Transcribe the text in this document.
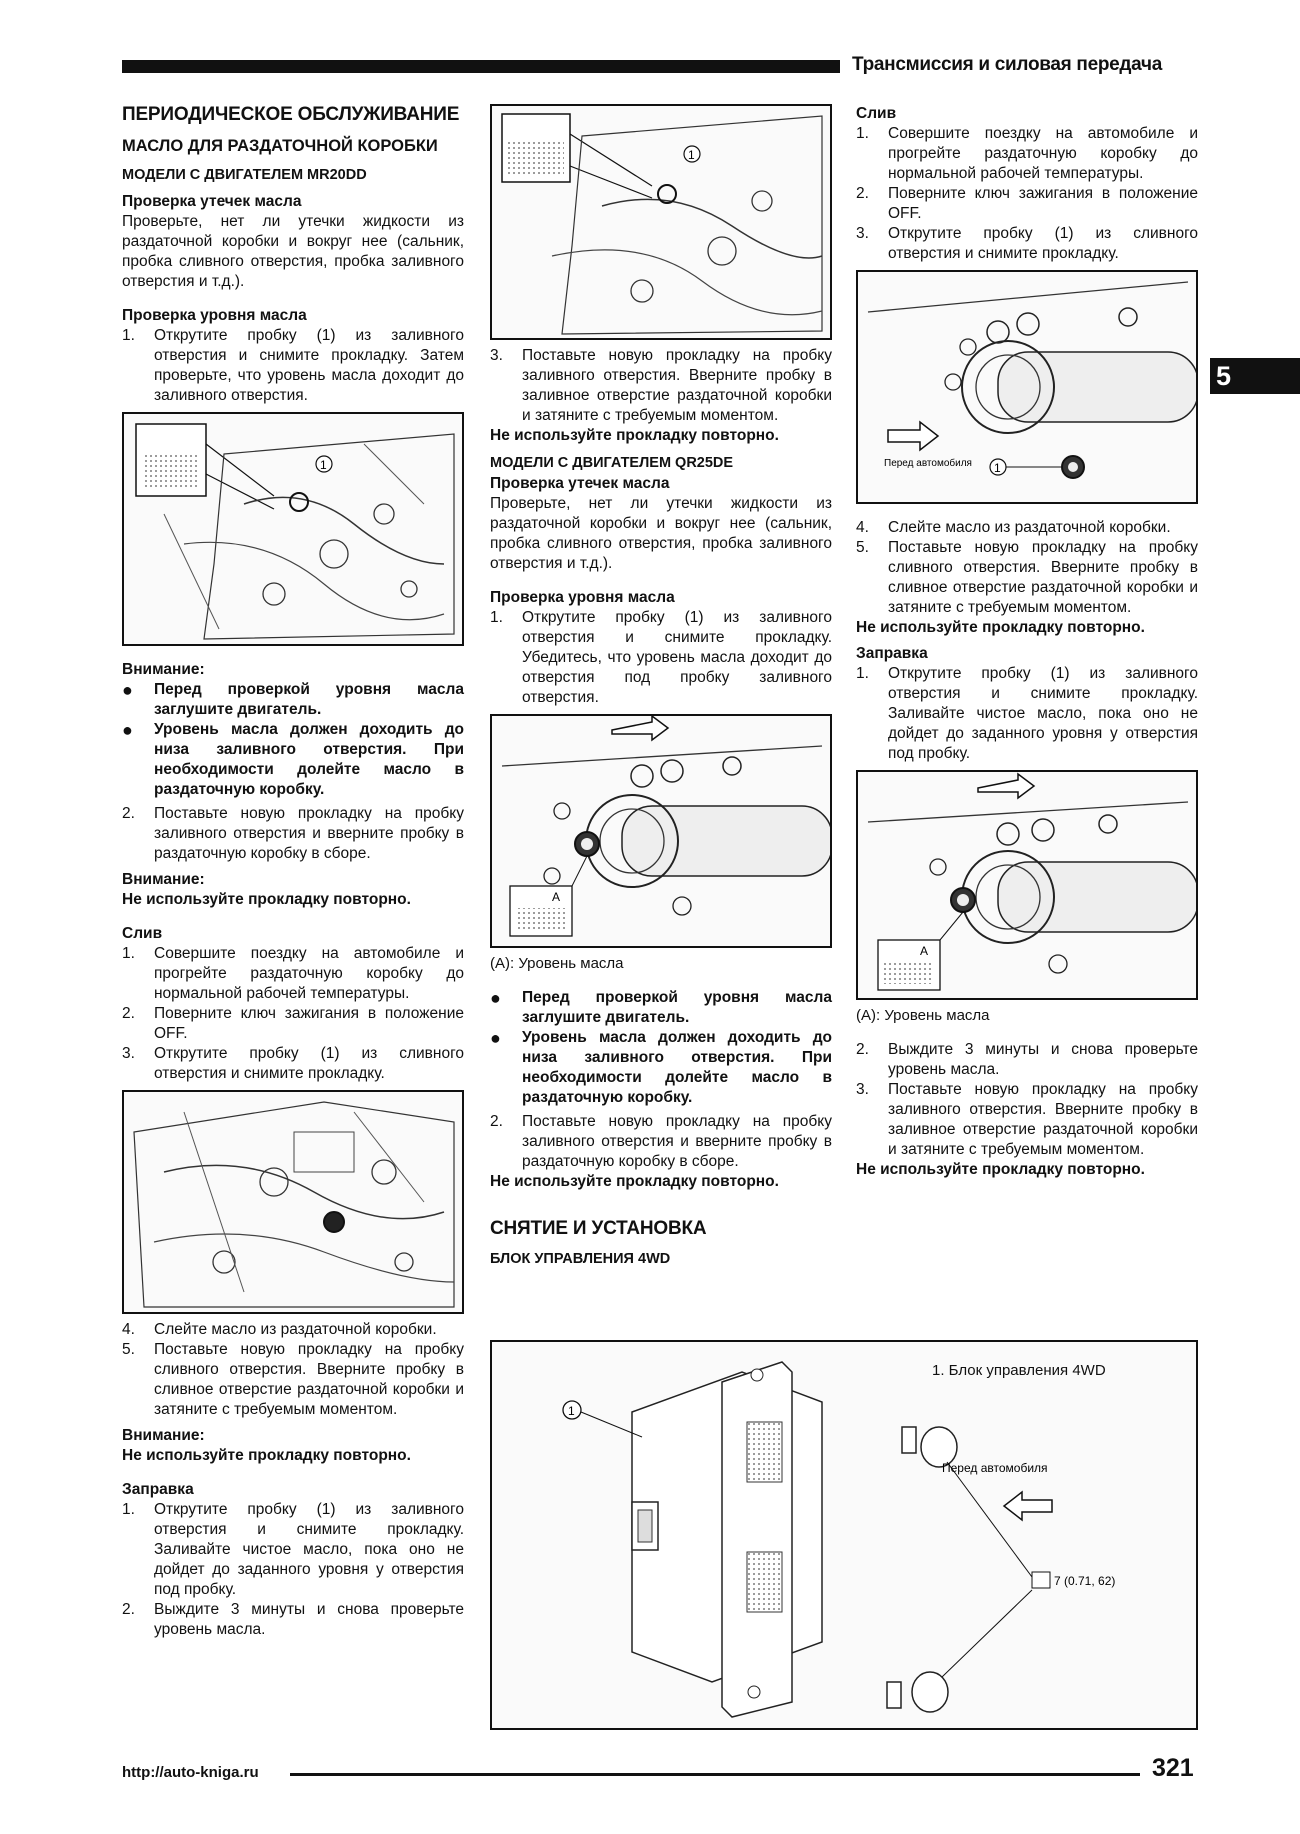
Трансмиссия и силовая передача
5

ПЕРИОДИЧЕСКОЕ ОБСЛУЖИВАНИЕ

МАСЛО ДЛЯ РАЗДАТОЧНОЙ КОРОБКИ

МОДЕЛИ С ДВИГАТЕЛЕМ MR20DD

Проверка утечек масла

Проверьте, нет ли утечки жидкости из раздаточной коробки и вокруг нее (сальник, пробка сливного отверстия, пробка заливного отверстия и т.д.).

Проверка уровня масла

1.	Открутите пробку (1) из заливного отверстия и снимите прокладку. Затем проверьте, что уровень масла доходит до заливного отверстия.
1

Внимание:

●	Перед проверкой уровня масла заглушите двигатель.
●	Уровень масла должен доходить до низа заливного отверстия. При необходимости долейте масло в раздаточную коробку.
2.	Поставьте новую прокладку на пробку заливного отверстия и вверните пробку в раздаточную коробку в сборе.

Внимание:

Не используйте прокладку повторно.

Слив

1.	Совершите поездку на автомобиле и прогрейте раздаточную коробку до нормальной рабочей температуры.
2.	Поверните ключ зажигания в положение OFF.
3.	Открутите пробку (1) из сливного отверстия и снимите прокладку.
4.	Слейте масло из раздаточной коробки.
5.	Поставьте новую прокладку на пробку сливного отверстия. Вверните пробку в сливное отверстие раздаточной коробки и затяните с требуемым моментом.

Внимание:

Не используйте прокладку повторно.

Заправка

1.	Открутите пробку (1) из заливного отверстия и снимите прокладку. Заливайте чистое масло, пока оно не дойдет до заданного уровня у отверстия под пробку.
2.	Выждите 3 минуты и снова проверьте уровень масла.
1
3.	Поставьте новую прокладку на пробку заливного отверстия. Вверните пробку в заливное отверстие раздаточной коробки и затяните с требуемым моментом.

Не используйте прокладку повторно.

МОДЕЛИ С ДВИГАТЕЛЕМ QR25DE

Проверка утечек масла

Проверьте, нет ли утечки жидкости из раздаточной коробки и вокруг нее (сальник, пробка сливного отверстия, пробка заливного отверстия и т.д.).

Проверка уровня масла

1.	Открутите пробку (1) из заливного отверстия и снимите прокладку. Убедитесь, что уровень масла доходит до отверстия под пробку заливного отверстия.
A

(A): Уровень масла

●	Перед проверкой уровня масла заглушите двигатель.
●	Уровень масла должен доходить до низа заливного отверстия. При необходимости долейте масло в раздаточную коробку.
2.	Поставьте новую прокладку на пробку заливного отверстия и вверните пробку в раздаточную коробку в сборе.

Не используйте прокладку повторно.

СНЯТИЕ И УСТАНОВКА

БЛОК УПРАВЛЕНИЯ 4WD

Слив

1.	Совершите поездку на автомобиле и прогрейте раздаточную коробку до нормальной рабочей температуры.
2.	Поверните ключ зажигания в положение OFF.
3.	Открутите пробку (1) из сливного отверстия и снимите прокладку.
1
Перед автомобиля
4.	Слейте масло из раздаточной коробки.
5.	Поставьте новую прокладку на пробку сливного отверстия. Вверните пробку в сливное отверстие раздаточной коробки и затяните с требуемым моментом.

Не используйте прокладку повторно.

Заправка

1.	Открутите пробку (1) из заливного отверстия и снимите прокладку. Заливайте чистое масло, пока оно не дойдет до заданного уровня у отверстия под пробку.
A

(A): Уровень масла

2.	Выждите 3 минуты и снова проверьте уровень масла.
3.	Поставьте новую прокладку на пробку заливного отверстия. Вверните пробку в заливное отверстие раздаточной коробки и затяните с требуемым моментом.

Не используйте прокладку повторно.

1
7 (0.71, 62)
Перед автомобиля
1. Блок управления 4WD
http://auto-kniga.ru	321
